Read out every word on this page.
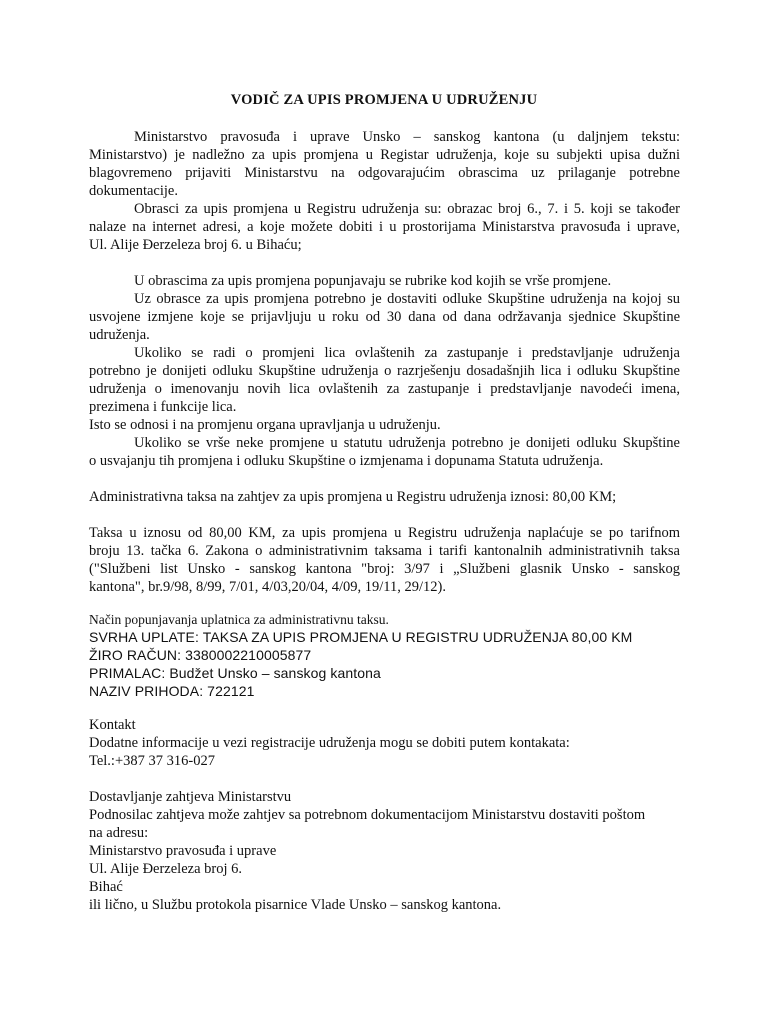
VODIČ ZA UPIS PROMJENA U UDRUŽENJU
Ministarstvo pravosuđa i uprave Unsko – sanskog kantona (u daljnjem tekstu:
Ministarstvo) je nadležno za upis promjena u Registar udruženja, koje su subjekti upisa dužni
blagovremeno prijaviti Ministarstvu na odgovarajućim obrascima uz prilaganje potrebne
dokumentacije.
Obrasci za upis promjena u Registru udruženja su: obrazac broj 6., 7. i 5. koji se također
nalaze na internet adresi, a koje možete dobiti i u prostorijama Ministarstva pravosuđa i uprave,
Ul. Alije Đerzeleza broj 6. u Bihaću;
U obrascima za upis promjena popunjavaju se rubrike kod kojih se vrše promjene.
Uz obrasce za upis promjena potrebno je dostaviti odluke Skupštine udruženja na kojoj su
usvojene izmjene koje se prijavljuju u roku od 30 dana od dana održavanja sjednice Skupštine
udruženja.
Ukoliko se radi o promjeni lica ovlaštenih za zastupanje i predstavljanje udruženja
potrebno je donijeti odluku Skupštine udruženja o razrješenju dosadašnjih lica i odluku Skupštine
udruženja o imenovanju novih lica ovlaštenih za zastupanje i predstavljanje navodeći imena,
prezimena i funkcije lica.
Isto se odnosi i na promjenu organa upravljanja u udruženju.
Ukoliko se vrše neke promjene u statutu udruženja potrebno je donijeti odluku Skupštine
o usvajanju tih promjena i odluku Skupštine o izmjenama i dopunama Statuta udruženja.
Administrativna taksa na zahtjev za upis promjena u Registru udruženja iznosi: 80,00 KM;
Taksa u iznosu od 80,00 KM, za upis promjena u Registru udruženja naplaćuje se po tarifnom
broju 13. tačka 6. Zakona o administrativnim taksama i tarifi kantonalnih administrativnih taksa
("Službeni list Unsko - sanskog kantona "broj: 3/97 i „Službeni glasnik Unsko - sanskog
kantona", br.9/98, 8/99, 7/01, 4/03,20/04, 4/09, 19/11, 29/12).
Način popunjavanja uplatnica za administrativnu taksu.
SVRHA UPLATE: TAKSA ZA UPIS PROMJENA U REGISTRU UDRUŽENJA 80,00 KM
ŽIRO RAČUN: 3380002210005877
PRIMALAC: Budžet Unsko – sanskog kantona
NAZIV PRIHODA: 722121
Kontakt
Dodatne informacije u vezi registracije udruženja mogu se dobiti putem kontakata:
Tel.:+387 37 316-027
Dostavljanje zahtjeva Ministarstvu
Podnosilac zahtjeva može zahtjev sa potrebnom dokumentacijom Ministarstvu dostaviti poštom
na adresu:
Ministarstvo pravosuđa i uprave
Ul. Alije Đerzeleza broj 6.
Bihać
ili lično, u Službu protokola pisarnice Vlade Unsko – sanskog kantona.
